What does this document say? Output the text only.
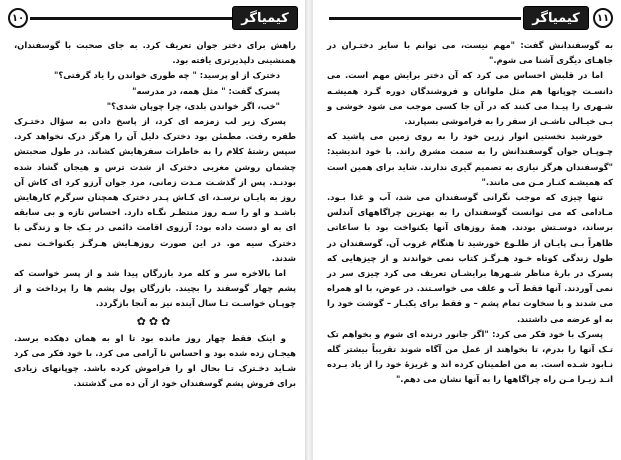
کیمیاگر
۱۰

راهش برای دختر جوان تعریف کرد. به جای صحبت با گوسفندان، همنشینی دلپذیرتری یافته بود.

دخترک از او پرسید: " چه طوری خواندن را یاد گرفتی؟"

پسرک گفت: " مثل همه، در مدرسه"

"خب، اگر خواندن بلدی، چرا چوپان شدی؟"

پسرک زیر لب زمزمه ای کرد، از پاسخ دادن به سؤال دختـرک طفره رفت. مطمئن بود دخترک دلیل آن را هرگز درک نخواهد کرد. سپس رشتهٔ کلام را به خاطرات سفرهایش کشاند. در طول صحبتش چشمان روشن مغربی دخترک از شدت ترس و هیجان گشاد شده بودنـد. پس از گذشـت مـدت زمانی، مرد جوان آرزو کرد ای کاش آن روز به پایـان نرسـد، ای کـاش پـدر دخترک همچنان سرگرم کارهایش باشـد و او را سـه روز منتظـر نگـاه دارد. احساس تازه و بی سابقه ای به او دست داده بود: آرزوی اقامت دائمی در یـک جا و زندگی با دخترک سیه مو. در این صورت روزهـایش هـرگـز یکنواخـت نمی شدند.

اما بالاخره سر و کله مرد بازرگان پیدا شد و از پسر خواست که پشم چهار گوسفند را بچیند. بازرگان پول پشم ها را پرداخت و از چوپـان خواسـت تـا سال آینده نیز به آنجا بازگردد.

✿✿✿

و اینک فقط چهار روز مانده بود تا او به همان دهکده برسد. هیجـان زده شده بود و احساس نا آرامی می کرد. با خود فکر می کرد شـاید دخـترک تـا بحال او را فراموش کرده باشد. چوپانهای زیادی برای فروش پشم گوسفندان خود از آن ده می گذشتند.

کیمیاگر	۱۱

به گوسفندانش گفت: "مهم نیست، می توانم با سایر دختـران در جاهـای دیگری آشنا می شوم."

اما در قلبش احساس می کرد که آن دختر برایش مهم است. می دانسـت چوپانها هم مثل ملوانان و فروشندگان دوره گـرد همیشـه شـهری را پیـدا می کنند که در آن جا کسی موجب می شود خوشی و بـی خیـالی ناشـی از سفر را به فراموشی بسپارند.

خورشید نخستین انوار زرین خود را به روی زمین می پاشید که چـوپـان جوان گوسفندانش را به سمت مشرق راند. با خود اندیشید: "گوسفندان هرگز نیازی به تصمیم گیری ندارند. شاید برای همین است که همیشـه کنـار مـن می مانند."

تنها چیزی که موجب نگرانی گوسفندان می شد، آب و غذا بـود. مـادامی که می توانست گوسفندان را به بهترین چراگاههای آندلس برساند، دوسـتش بودند. همهٔ روزهای آنها یکنواخت بود با ساعاتی ظاهراً بـی پایـان از طلـوع خورشید تا هنگام غروب آن. گوسفندان در طول زندگی کوتاه خـود هـرگـز کتاب نمی خواندند و از چیزهایی که پسرک در بارهٔ مناظر شـهرها برایشـان تعریف می کرد چیزی سر در نمی آوردند. آنها فقط آب و علف می خواسـتند. در عوض، با او همراه می شدند و با سخاوت تمام پشم – و فقط برای یکبـار – گوشت خود را به او عرضه می داشتند.

پسرک با خود فکر می کرد: "اگر جانور درنده ای شوم و بخواهم تک تـک آنها را بدرم، تا بخواهند از عمل من آگاه شوند تقریباً بیشتر گله نـابود شـده است. به من اطمینان کرده اند و غریزهٔ خود را از یاد بـرده انـد زیـرا مـن راه چراگاهها را به آنها نشان می دهم."
